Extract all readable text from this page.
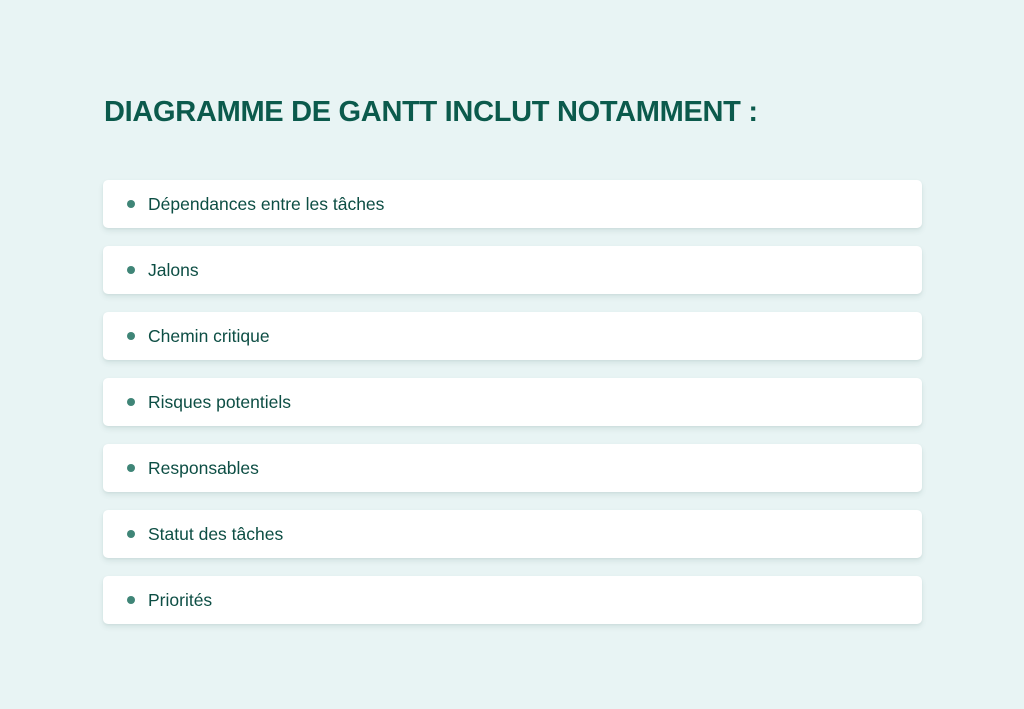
DIAGRAMME DE GANTT INCLUT NOTAMMENT :
Dépendances entre les tâches
Jalons
Chemin critique
Risques potentiels
Responsables
Statut des tâches
Priorités
